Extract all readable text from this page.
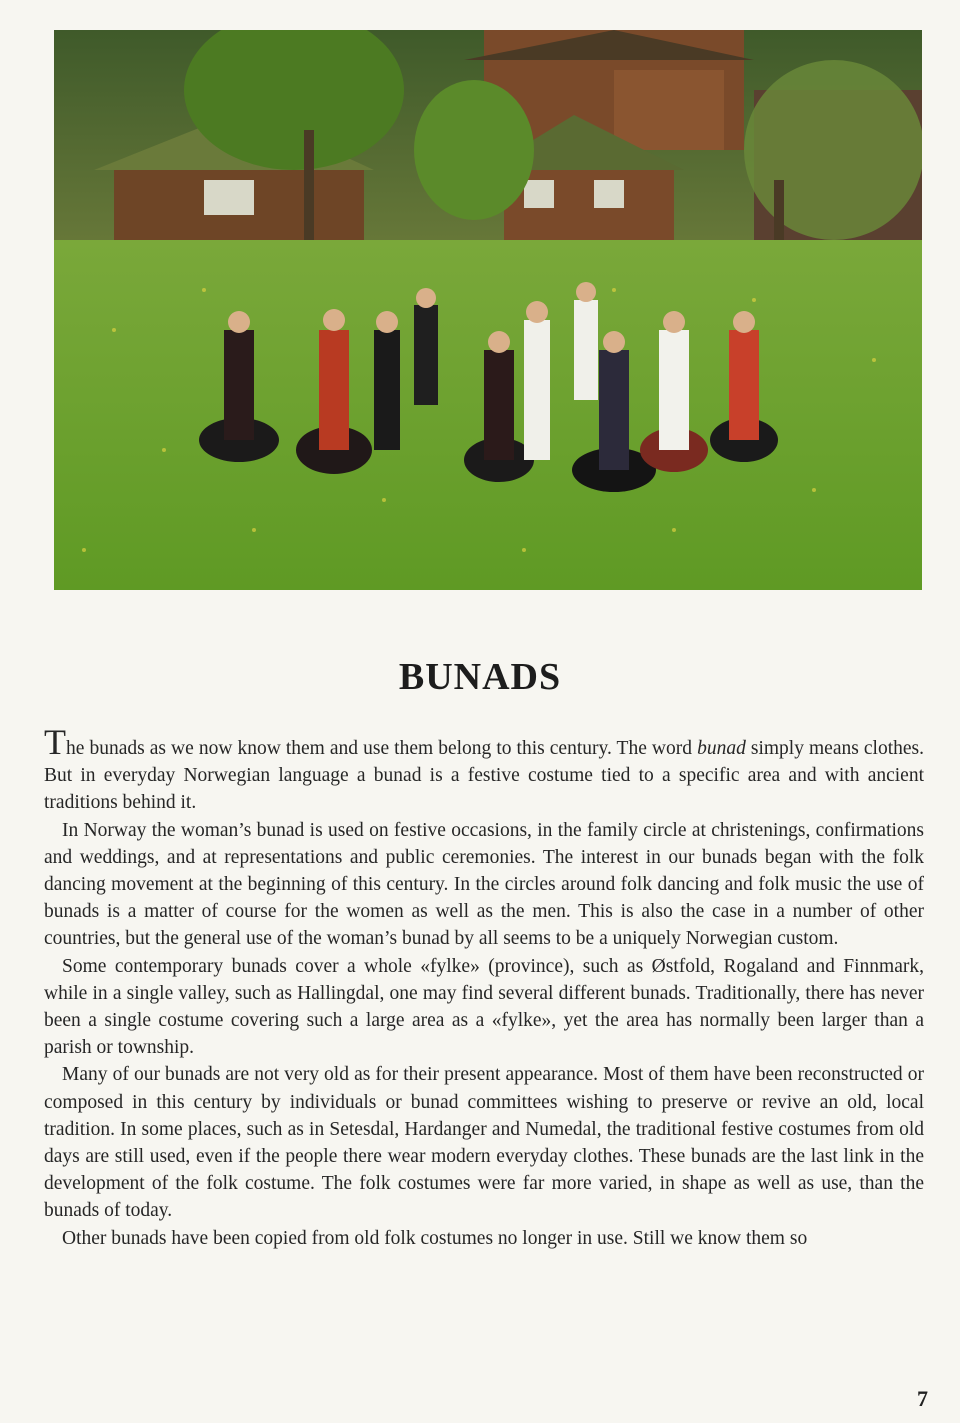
BUNADS

The bunads as we now know them and use them belong to this century. The word bunad simply means clothes. But in everyday Norwegian language a bunad is a festive costume tied to a specific area and with ancient traditions behind it.

In Norway the woman’s bunad is used on festive occasions, in the family circle at christenings, confirmations and weddings, and at representations and public ceremonies. The interest in our bunads began with the folk dancing movement at the beginning of this century. In the circles around folk dancing and folk music the use of bunads is a matter of course for the women as well as the men. This is also the case in a number of other countries, but the general use of the woman’s bunad by all seems to be a uniquely Norwegian custom.

Some contemporary bunads cover a whole «fylke» (province), such as Østfold, Rogaland and Finnmark, while in a single valley, such as Hallingdal, one may find several different bunads. Traditionally, there has never been a single costume covering such a large area as a «fylke», yet the area has normally been larger than a parish or township.

Many of our bunads are not very old as for their present appearance. Most of them have been reconstructed or composed in this century by individuals or bunad committees wishing to preserve or revive an old, local tradition. In some places, such as in Setesdal, Hardanger and Numedal, the traditional festive costumes from old days are still used, even if the people there wear modern everyday clothes. These bunads are the last link in the development of the folk costume. The folk costumes were far more varied, in shape as well as use, than the bunads of today.

Other bunads have been copied from old folk costumes no longer in use. Still we know them so

7
